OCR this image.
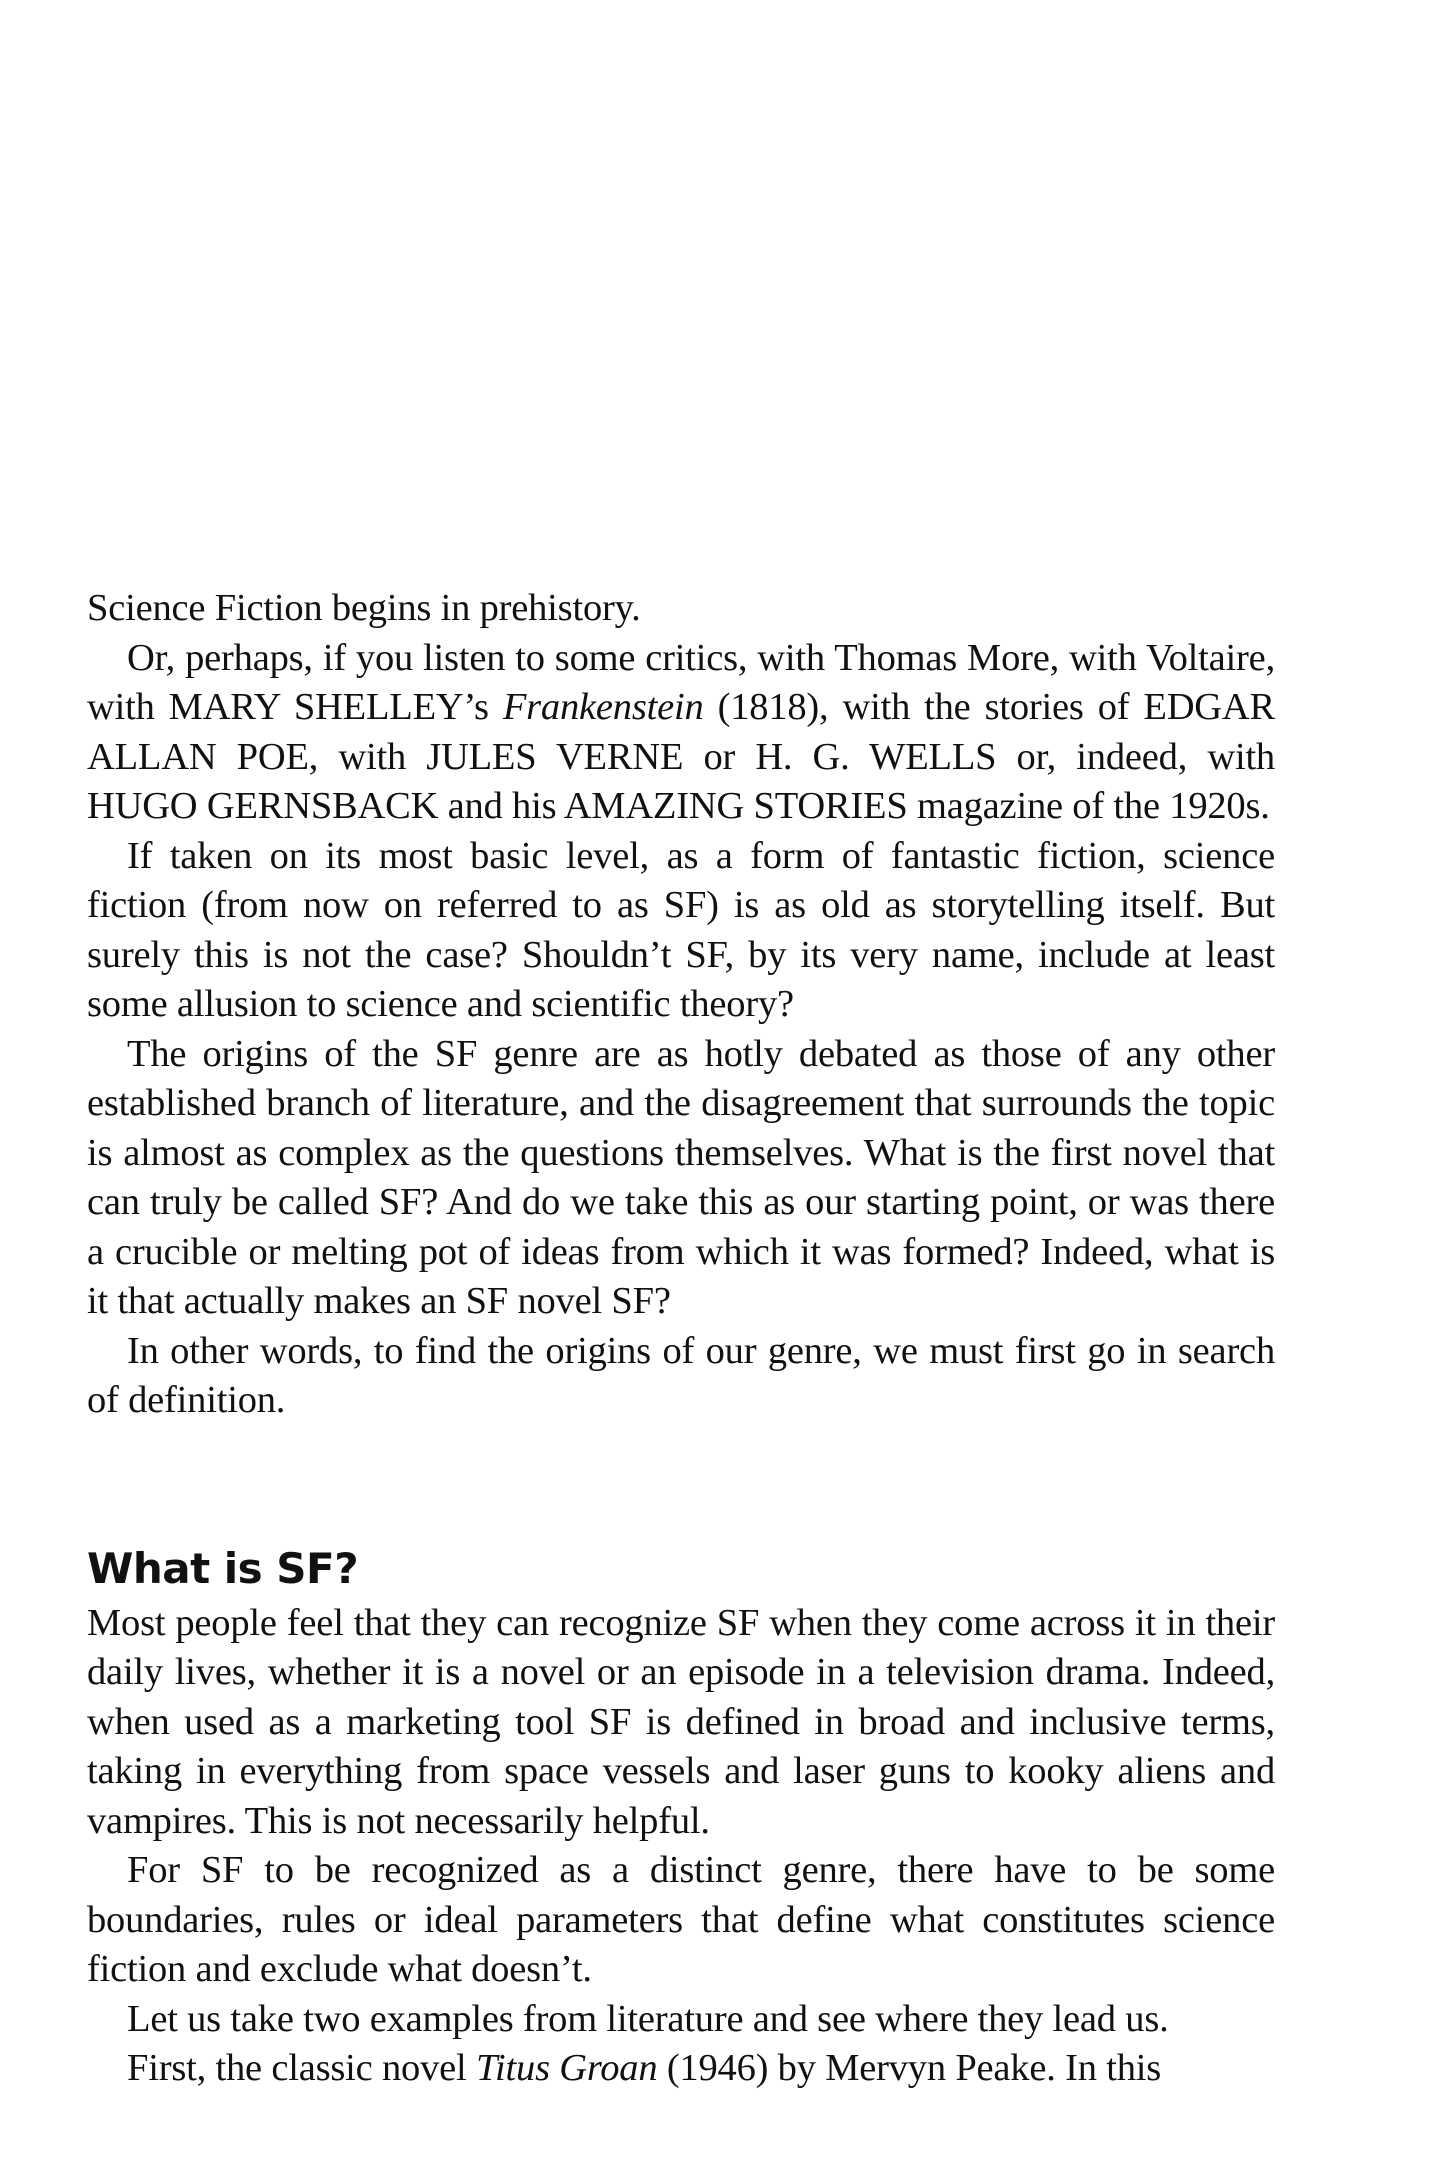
Science Fiction begins in prehistory.

Or, perhaps, if you listen to some critics, with Thomas More, with Voltaire, with MARY SHELLEY’s Frankenstein (1818), with the stories of EDGAR ALLAN POE, with JULES VERNE or H. G. WELLS or, indeed, with HUGO GERNSBACK and his AMAZING STORIES magazine of the 1920s.

If taken on its most basic level, as a form of fantastic fiction, science fiction (from now on referred to as SF) is as old as storytelling itself. But surely this is not the case? Shouldn’t SF, by its very name, include at least some allusion to science and scientific theory?

The origins of the SF genre are as hotly debated as those of any other established branch of literature, and the disagreement that surrounds the topic is almost as complex as the questions themselves. What is the first novel that can truly be called SF? And do we take this as our starting point, or was there a crucible or melting pot of ideas from which it was formed? Indeed, what is it that actually makes an SF novel SF?

In other words, to find the origins of our genre, we must first go in search of definition.

What is SF?

Most people feel that they can recognize SF when they come across it in their daily lives, whether it is a novel or an episode in a television drama. Indeed, when used as a marketing tool SF is defined in broad and inclusive terms, taking in everything from space vessels and laser guns to kooky aliens and vampires. This is not necessarily helpful.

For SF to be recognized as a distinct genre, there have to be some boundaries, rules or ideal parameters that define what constitutes science fiction and exclude what doesn’t.

Let us take two examples from literature and see where they lead us.

First, the classic novel Titus Groan (1946) by Mervyn Peake. In this
